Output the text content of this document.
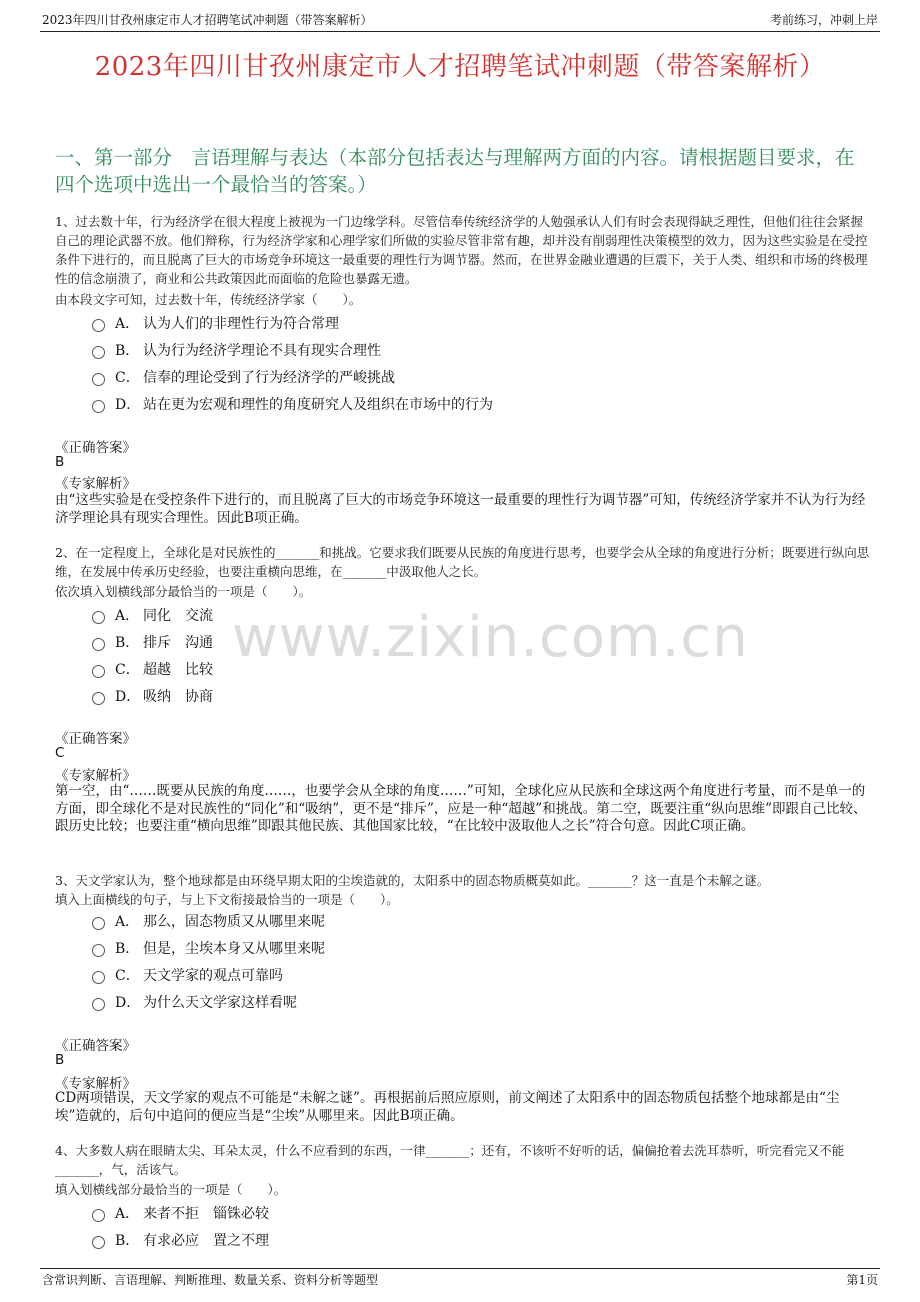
2023年四川甘孜州康定市人才招聘笔试冲刺题（带答案解析）	考前练习，冲刺上岸
2023年四川甘孜州康定市人才招聘笔试冲刺题（带答案解析）
一、第一部分　言语理解与表达（本部分包括表达与理解两方面的内容。请根据题目要求，在四个选项中选出一个最恰当的答案。）
www.zixin.com.cn
1、过去数十年，行为经济学在很大程度上被视为一门边缘学科。尽管信奉传统经济学的人勉强承认人们有时会表现得缺乏理性，但他们往往会紧握自己的理论武器不放。他们辩称，行为经济学家和心理学家们所做的实验尽管非常有趣，却并没有削弱理性决策模型的效力，因为这些实验是在受控条件下进行的，而且脱离了巨大的市场竞争环境这一最重要的理性行为调节器。然而，在世界金融业遭遇的巨震下，关于人类、组织和市场的终极理性的信念崩溃了，商业和公共政策因此而面临的危险也暴露无遗。
由本段文字可知，过去数十年，传统经济学家（　　）。
A． 认为人们的非理性行为符合常理
B． 认为行为经济学理论不具有现实合理性
C． 信奉的理论受到了行为经济学的严峻挑战
D． 站在更为宏观和理性的角度研究人及组织在市场中的行为
《正确答案》
B
《专家解析》
由“这些实验是在受控条件下进行的，而且脱离了巨大的市场竞争环境这一最重要的理性行为调节器”可知，传统经济学家并不认为行为经济学理论具有现实合理性。因此B项正确。
2、在一定程度上，全球化是对民族性的_______和挑战。它要求我们既要从民族的角度进行思考，也要学会从全球的角度进行分析；既要进行纵向思维，在发展中传承历史经验，也要注重横向思维，在_______中汲取他人之长。
依次填入划横线部分最恰当的一项是（　　）。
A． 同化　交流
B． 排斥　沟通
C． 超越　比较
D． 吸纳　协商
《正确答案》
C
《专家解析》
第一空，由“……既要从民族的角度……，也要学会从全球的角度……”可知，全球化应从民族和全球这两个角度进行考量，而不是单一的方面，即全球化不是对民族性的“同化”和“吸纳”，更不是“排斥”，应是一种“超越”和挑战。第二空，既要注重“纵向思维”即跟自己比较、跟历史比较；也要注重“横向思维”即跟其他民族、其他国家比较，“在比较中汲取他人之长”符合句意。因此C项正确。
3、天文学家认为，整个地球都是由环绕早期太阳的尘埃造就的，太阳系中的固态物质概莫如此。_______？这一直是个未解之谜。
填入上面横线的句子，与上下文衔接最恰当的一项是（　　）。
A． 那么，固态物质又从哪里来呢
B． 但是，尘埃本身又从哪里来呢
C． 天文学家的观点可靠吗
D． 为什么天文学家这样看呢
《正确答案》
B
《专家解析》
CD两项错误，天文学家的观点不可能是“未解之谜”。再根据前后照应原则，前文阐述了太阳系中的固态物质包括整个地球都是由“尘埃”造就的，后句中追问的便应当是“尘埃”从哪里来。因此B项正确。
4、大多数人病在眼睛太尖、耳朵太灵，什么不应看到的东西，一律_______；还有，不该听不好听的话，偏偏抢着去洗耳恭听，听完看完又不能_______，气，活该气。
填入划横线部分最恰当的一项是（　　）。
A． 来者不拒　锱铢必较
B． 有求必应　置之不理
含常识判断、言语理解、判断推理、数量关系、资料分析等题型	第1页
